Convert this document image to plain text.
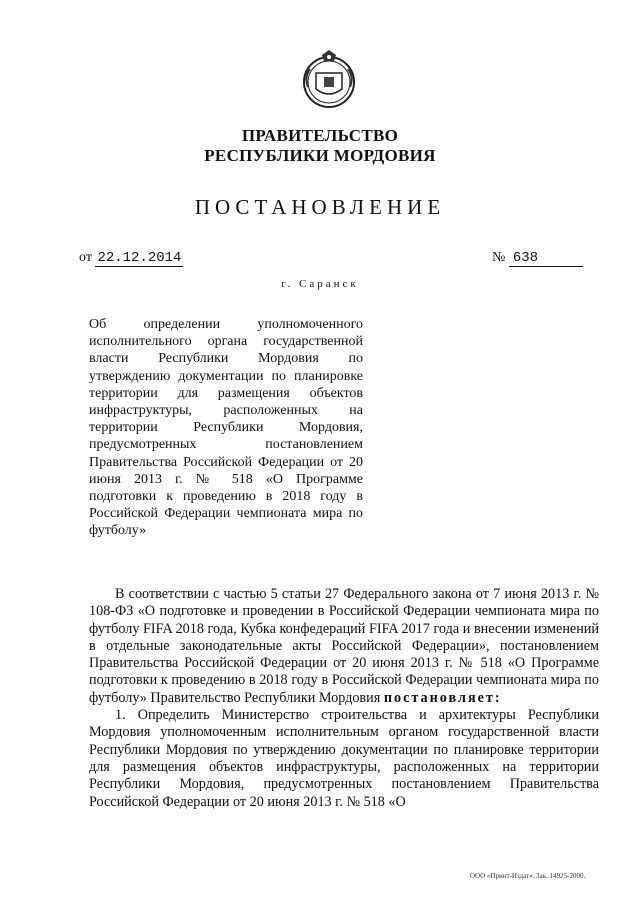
ПРАВИТЕЛЬСТВО
РЕСПУБЛИКИ МОРДОВИЯ
ПОСТАНОВЛЕНИЕ
от 22.12.2014	№ 638
г. Саранск
Об определении уполномоченного исполнительного органа государственной власти Республики Мордовия по утверждению документации по планировке территории для размещения объектов инфраструктуры, расположенных на территории Республики Мордовия, предусмотренных постановлением Правительства Российской Федерации от 20 июня 2013 г. № 518 «О Программе подготовки к проведению в 2018 году в Российской Федерации чемпионата мира по футболу»

В соответствии с частью 5 статьи 27 Федерального закона от 7 июня 2013 г. № 108-ФЗ «О подготовке и проведении в Российской Федерации чемпионата мира по футболу FIFA 2018 года, Кубка конфедераций FIFA 2017 года и внесении изменений в отдельные законодательные акты Российской Федерации», постановлением Правительства Российской Федерации от 20 июня 2013 г. № 518 «О Программе подготовки к проведению в 2018 году в Российской Федерации чемпионата мира по футболу» Правительство Республики Мордовия постановляет:

1. Определить Министерство строительства и архитектуры Республики Мордовия уполномоченным исполнительным органом государственной власти Республики Мордовия по утверждению документации по планировке территории для размещения объектов инфраструктуры, расположенных на территории Республики Мордовия, предусмотренных постановлением Правительства Российской Федерации от 20 июня 2013 г. № 518 «О

ООО «Принт-Издат». Зак. 14925-2000.
